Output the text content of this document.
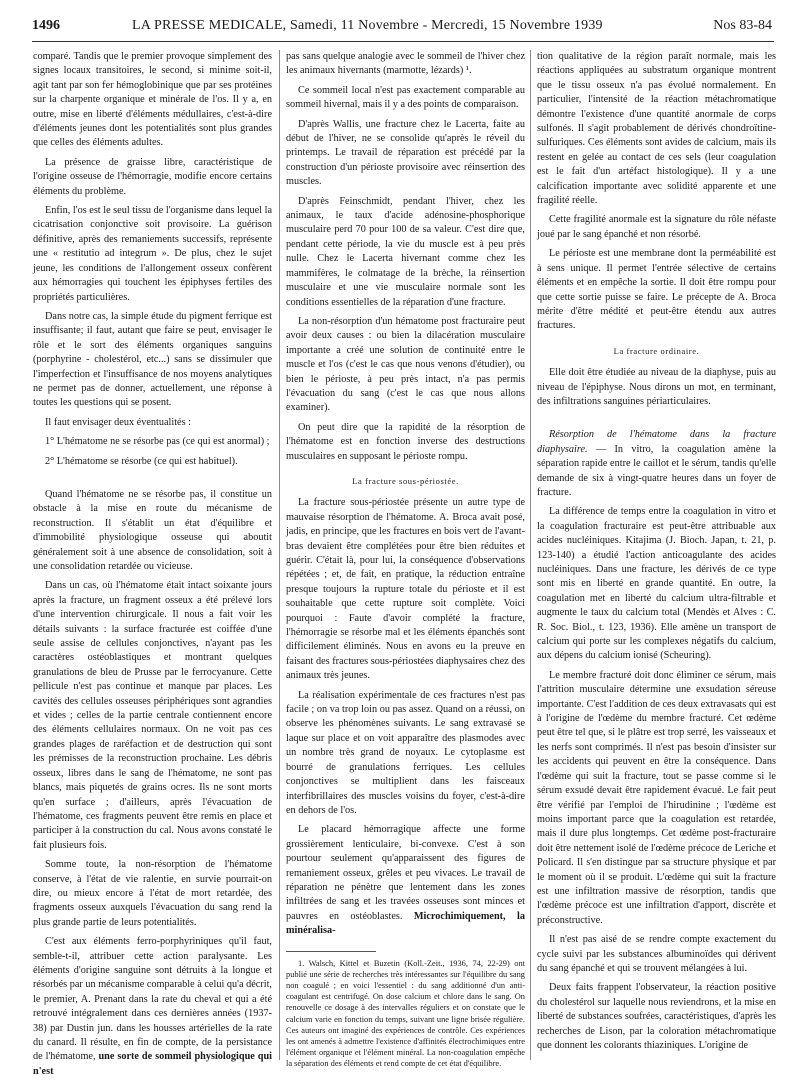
1496	LA PRESSE MEDICALE, Samedi, 11 Novembre - Mercredi, 15 Novembre 1939	Nos 83-84

comparé. Tandis que le premier provoque simplement des signes locaux transitoires, le second, si minime soit-il, agit tant par son fer hémoglobinique que par ses protéines sur la charpente organique et minérale de l'os. Il y a, en outre, mise en liberté d'éléments médullaires, c'est-à-dire d'éléments jeunes dont les potentialités sont plus grandes que celles des éléments adultes.

La présence de graisse libre, caractéristique de l'origine osseuse de l'hémorragie, modifie encore certains éléments du problème.

Enfin, l'os est le seul tissu de l'organisme dans lequel la cicatrisation conjonctive soit provisoire. La guérison définitive, après des remaniements successifs, représente une « restitutio ad integrum ». De plus, chez le sujet jeune, les conditions de l'allongement osseux confèrent aux hémorragies qui touchent les épiphyses fertiles des propriétés particulières.

Dans notre cas, la simple étude du pigment ferrique est insuffisante; il faut, autant que faire se peut, envisager le rôle et le sort des éléments organiques sanguins (porphyrine - cholestérol, etc...) sans se dissimuler que l'imperfection et l'insuffisance de nos moyens analytiques ne permet pas de donner, actuellement, une réponse à toutes les questions qui se posent.

Il faut envisager deux éventualités :

1° L'hématome ne se résorbe pas (ce qui est anormal) ;

2° L'hématome se résorbe (ce qui est habituel).

Quand l'hématome ne se résorbe pas, il constitue un obstacle à la mise en route du mécanisme de reconstruction. Il s'établit un état d'équilibre et d'immobilité physiologique osseuse qui aboutit généralement soit à une absence de consolidation, soit à une consolidation retardée ou vicieuse.

Dans un cas, où l'hématome était intact soixante jours après la fracture, un fragment osseux a été prélevé lors d'une intervention chirurgicale. Il nous a fait voir les détails suivants : la surface fracturée est coiffée d'une seule assise de cellules conjonctives, n'ayant pas les caractères ostéoblastiques et montrant quelques granulations de bleu de Prusse par le ferrocyanure. Cette pellicule n'est pas continue et manque par places. Les cavités des cellules osseuses périphériques sont agrandies et vides ; celles de la partie centrale contiennent encore des éléments cellulaires normaux. On ne voit pas ces grandes plages de raréfaction et de destruction qui sont les prémisses de la reconstruction prochaine. Les débris osseux, libres dans le sang de l'hématome, ne sont pas blancs, mais piquetés de grains ocres. Ils ne sont morts qu'en surface ; d'ailleurs, après l'évacuation de l'hématome, ces fragments peuvent être remis en place et participer à la construction du cal. Nous avons constaté le fait plusieurs fois.

Somme toute, la non-résorption de l'hématome conserve, à l'état de vie ralentie, en survie pourrait-on dire, ou mieux encore à l'état de mort retardée, des fragments osseux auxquels l'évacuation du sang rend la plus grande partie de leurs potentialités.

C'est aux éléments ferro-porphyriniques qu'il faut, semble-t-il, attribuer cette action paralysante. Les éléments d'origine sanguine sont détruits à la longue et résorbés par un mécanisme comparable à celui qu'a décrit, le premier, A. Prenant dans la rate du cheval et qui a été retrouvé intégralement dans ces dernières années (1937-38) par Dustin jun. dans les housses artérielles de la rate du canard. Il résulte, en fin de compte, de la persistance de l'hématome, une sorte de sommeil physiologique qui n'est

pas sans quelque analogie avec le sommeil de l'hiver chez les animaux hivernants (marmotte, lézards) ¹.

Ce sommeil local n'est pas exactement comparable au sommeil hivernal, mais il y a des points de comparaison.

D'après Wallis, une fracture chez le Lacerta, faite au début de l'hiver, ne se consolide qu'après le réveil du printemps. Le travail de réparation est précédé par la construction d'un périoste provisoire avec réinsertion des muscles.

D'après Feinschmidt, pendant l'hiver, chez les animaux, le taux d'acide adénosine-phosphorique musculaire perd 70 pour 100 de sa valeur. C'est dire que, pendant cette période, la vie du muscle est à peu près nulle. Chez le Lacerta hivernant comme chez les mammifères, le colmatage de la brèche, la réinsertion musculaire et une vie musculaire normale sont les conditions essentielles de la réparation d'une fracture.

La non-résorption d'un hématome post fracturaire peut avoir deux causes : ou bien la dilacération musculaire importante a créé une solution de continuité entre le muscle et l'os (c'est le cas que nous venons d'étudier), ou bien le périoste, à peu près intact, n'a pas permis l'évacuation du sang (c'est le cas que nous allons examiner).

On peut dire que la rapidité de la résorption de l'hématome est en fonction inverse des destructions musculaires en supposant le périoste rompu.

La fracture sous-périostée.

La fracture sous-périostée présente un autre type de mauvaise résorption de l'hématome. A. Broca avait posé, jadis, en principe, que les fractures en bois vert de l'avant-bras devaient être complétées pour être bien réduites et guérir. C'était là, pour lui, la conséquence d'observations répétées ; et, de fait, en pratique, la réduction entraîne presque toujours la rupture totale du périoste et il est souhaitable que cette rupture soit complète. Voici pourquoi : Faute d'avoir complété la fracture, l'hémorragie se résorbe mal et les éléments épanchés sont difficilement éliminés. Nous en avons eu la preuve en faisant des fractures sous-périostées diaphysaires chez des animaux très jeunes.

La réalisation expérimentale de ces fractures n'est pas facile ; on va trop loin ou pas assez. Quand on a réussi, on observe les phénomènes suivants. Le sang extravasé se laque sur place et on voit apparaître des plasmodes avec un nombre très grand de noyaux. Le cytoplasme est bourré de granulations ferriques. Les cellules conjonctives se multiplient dans les faisceaux interfibrillaires des muscles voisins du foyer, c'est-à-dire en dehors de l'os.

Le placard hémorragique affecte une forme grossièrement lenticulaire, bi-convexe. C'est à son pourtour seulement qu'apparaissent des figures de remaniement osseux, grêles et peu vivaces. Le travail de réparation ne pénètre que lentement dans les zones infiltrées de sang et les travées osseuses sont minces et pauvres en ostéoblastes. Microchimiquement, la minéralisa-

1. Walsch, Kittel et Buzetin (Koll.-Zeit., 1936, 74, 22-29) ont publié une série de recherches très intéressantes sur l'équilibre du sang non coagulé ; en voici l'essentiel : du sang additionné d'un anti-coagulant est centrifugé. On dose calcium et chlore dans le sang. On renouvelle ce dosage à des intervalles réguliers et on constate que le calcium varie en fonction du temps, suivant une ligne brisée régulière. Ces auteurs ont imaginé des expériences de contrôle. Ces expériences les ont amenés à admettre l'existence d'affinités électrochimiques entre l'élément organique et l'élément minéral. La non-coagulation empêche la séparation des éléments et rend compte de cet état d'équilibre.

tion qualitative de la région paraît normale, mais les réactions appliquées au substratum organique montrent que le tissu osseux n'a pas évolué normalement. En particulier, l'intensité de la réaction métachromatique démontre l'existence d'une quantité anormale de corps sulfonés. Il s'agit probablement de dérivés chondroïtine-sulfuriques. Ces éléments sont avides de calcium, mais ils restent en gelée au contact de ces sels (leur coagulation est le fait d'un artéfact histologique). Il y a une calcification importante avec solidité apparente et une fragilité réelle.

Cette fragilité anormale est la signature du rôle néfaste joué par le sang épanché et non résorbé.

Le périoste est une membrane dont la perméabilité est à sens unique. Il permet l'entrée sélective de certains éléments et en empêche la sortie. Il doit être rompu pour que cette sortie puisse se faire. Le précepte de A. Broca mérite d'être médité et peut-être étendu aux autres fractures.

La fracture ordinaire.

Elle doit être étudiée au niveau de la diaphyse, puis au niveau de l'épiphyse. Nous dirons un mot, en terminant, des infiltrations sanguines périarticulaires.

Résorption de l'hématome dans la fracture diaphysaire. — In vitro, la coagulation amène la séparation rapide entre le caillot et le sérum, tandis qu'elle demande de six à vingt-quatre heures dans un foyer de fracture.

La différence de temps entre la coagulation in vitro et la coagulation fracturaire est peut-être attribuable aux acides nucléiniques. Kitajima (J. Bioch. Japan, t. 21, p. 123-140) a étudié l'action anticoagulante des acides nucléiniques. Dans une fracture, les dérivés de ce type sont mis en liberté en grande quantité. En outre, la coagulation met en liberté du calcium ultra-filtrable et augmente le taux du calcium total (Mendès et Alves : C. R. Soc. Biol., t. 123, 1936). Elle amène un transport de calcium qui porte sur les complexes négatifs du calcium, aux dépens du calcium ionisé (Scheuring).

Le membre fracturé doit donc éliminer ce sérum, mais l'attrition musculaire détermine une exsudation séreuse importante. C'est l'addition de ces deux extravasats qui est à l'origine de l'œdème du membre fracturé. Cet œdème peut être tel que, si le plâtre est trop serré, les vaisseaux et les nerfs sont comprimés. Il n'est pas besoin d'insister sur les accidents qui peuvent en être la conséquence. Dans l'œdème qui suit la fracture, tout se passe comme si le sérum exsudé devait être rapidement évacué. Le fait peut être vérifié par l'emploi de l'hirudinine ; l'œdème est moins important parce que la coagulation est retardée, mais il dure plus longtemps. Cet œdème post-fracturaire doit être nettement isolé de l'œdème précoce de Leriche et Policard. Il s'en distingue par sa structure physique et par le moment où il se produit. L'œdème qui suit la fracture est une infiltration massive de résorption, tandis que l'œdème précoce est une infiltration d'apport, discrète et préconstructive.

Il n'est pas aisé de se rendre compte exactement du cycle suivi par les substances albuminoïdes qui dérivent du sang épanché et qui se trouvent mélangées à lui.

Deux faits frappent l'observateur, la réaction positive du cholestérol sur laquelle nous reviendrons, et la mise en liberté de substances soufrées, caractéristiques, d'après les recherches de Lison, par la coloration métachromatique que donnent les colorants thiaziniques. L'origine de
